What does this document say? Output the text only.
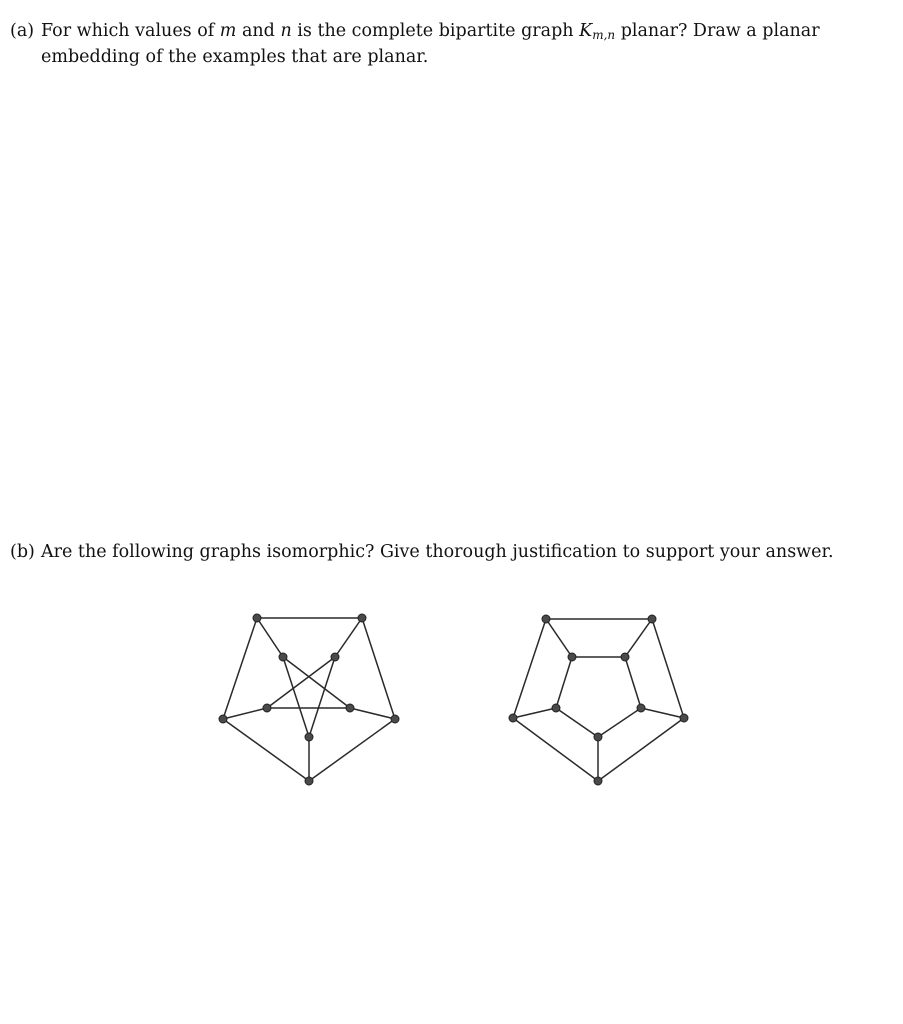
(a) For which values of m and n is the complete bipartite graph $K_{m,n}$ planar? Draw a planar embedding of the examples that are planar.
(b) Are the following graphs isomorphic? Give thorough justification to support your answer.
